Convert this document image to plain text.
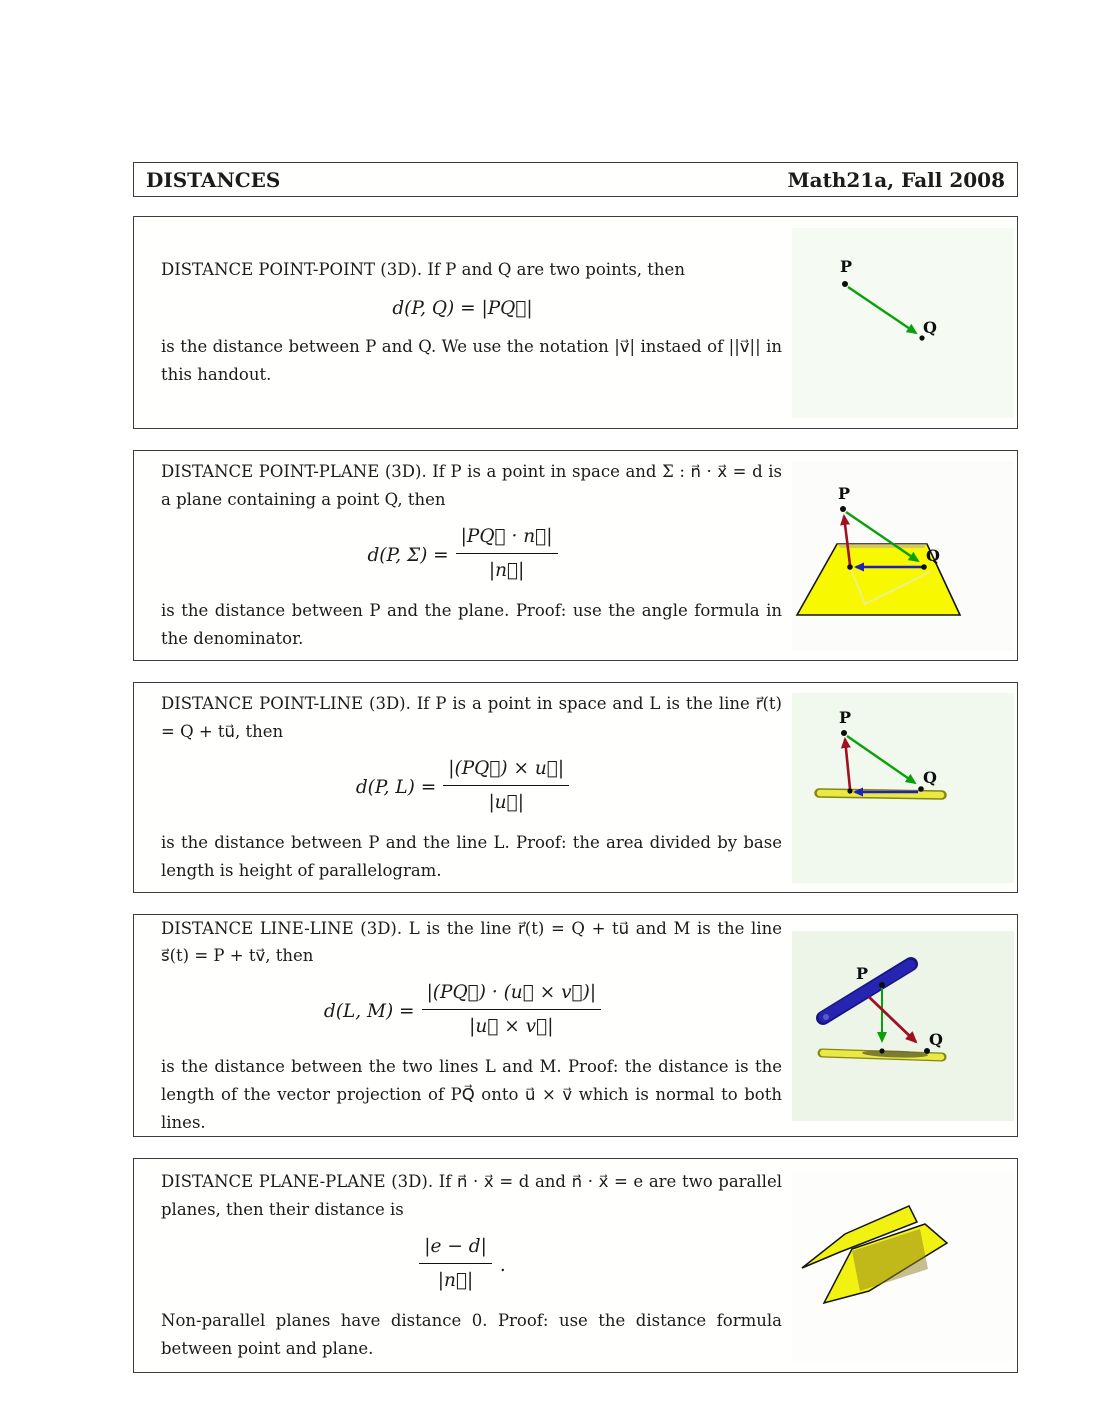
DISTANCES	Math21a, Fall 2008

DISTANCE POINT-POINT (3D). If P and Q are two points, then

d(P, Q) = |PQ⃗|

is the distance between P and Q. We use the notation |v⃗| instaed of ||v⃗|| in this handout.

P
Q

DISTANCE POINT-PLANE (3D). If P is a point in space and Σ : n⃗ · x⃗ = d is a plane containing a point Q, then

d(P, $\Sigma) = \frac{|PQ⃗ \cdot n⃗|}{|n⃗|}$

is the distance between P and the plane. Proof: use the angle formula in the denominator.

P
Q

DISTANCE POINT-LINE (3D). If P is a point in space and L is the line r⃗(t) = Q + tu⃗, then

d(P, $L) = \frac{|(PQ⃗) \times u⃗|}{|u⃗|}$

is the distance between P and the line L. Proof: the area divided by base length is height of parallelogram.

P
Q

DISTANCE LINE-LINE (3D). L is the line r⃗(t) = Q + tu⃗ and M is the line s⃗(t) = P + tv⃗, then

d(L, $M) = \frac{|(PQ⃗) \cdot (u⃗ \times v⃗)|}{|u⃗ \times v⃗|}$

is the distance between the two lines L and M. Proof: the distance is the length of the vector projection of PQ⃗ onto u⃗ × v⃗ which is normal to both lines.

P
Q

DISTANCE PLANE-PLANE (3D). If n⃗ · x⃗ = d and n⃗ · x⃗ = e are two parallel planes, then their distance is

$\frac{|e - d|}{|n⃗|}$ .

Non-parallel planes have distance 0. Proof: use the distance formula between point and plane.
